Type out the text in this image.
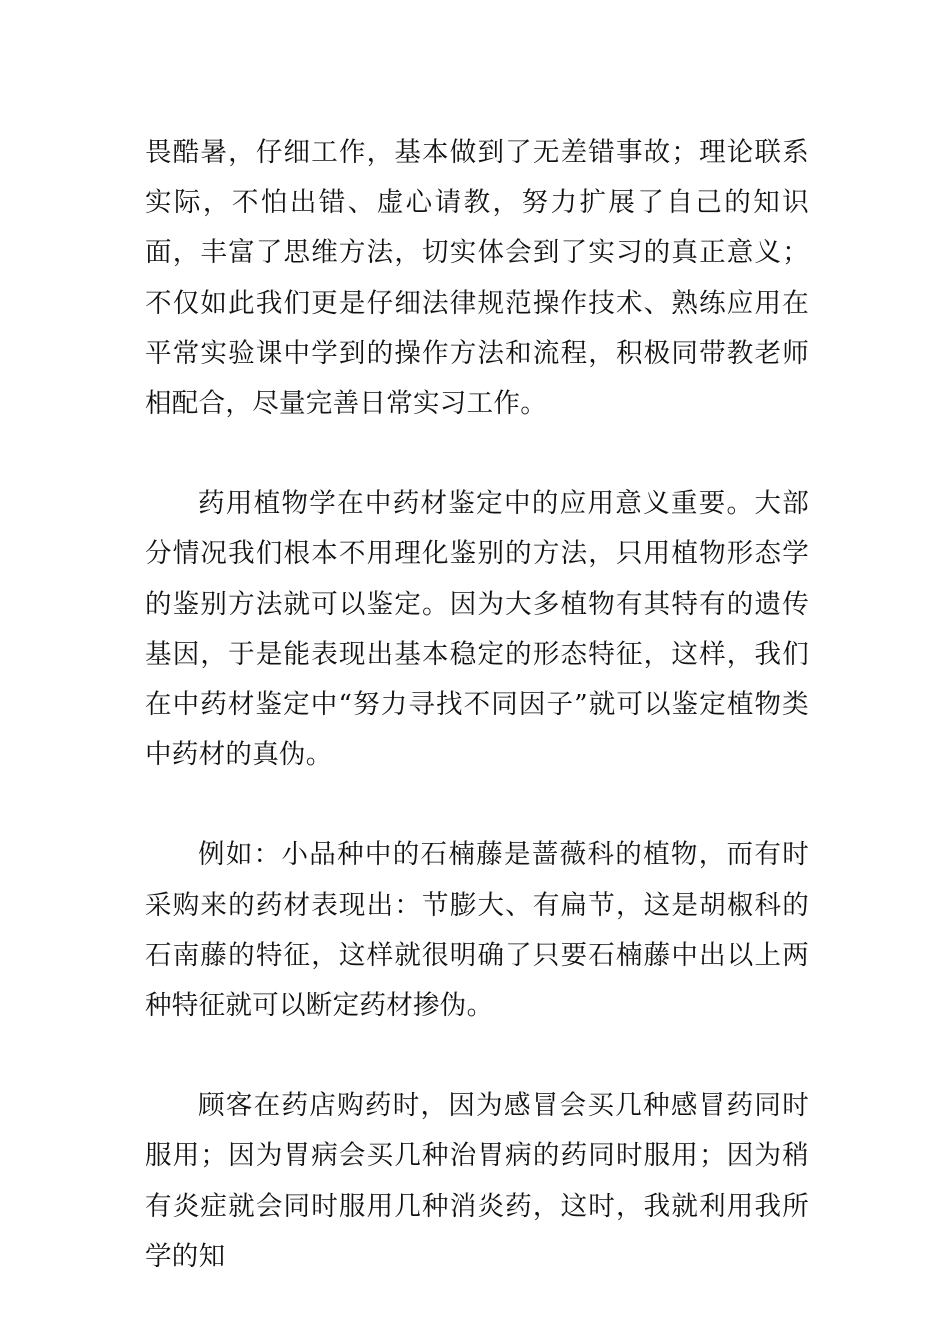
畏酷暑，仔细工作，基本做到了无差错事故；理论联系实际，不怕出错、虚心请教，努力扩展了自己的知识面，丰富了思维方法，切实体会到了实习的真正意义；不仅如此我们更是仔细法律规范操作技术、熟练应用在平常实验课中学到的操作方法和流程，积极同带教老师相配合，尽量完善日常实习工作。

药用植物学在中药材鉴定中的应用意义重要。大部分情况我们根本不用理化鉴别的方法，只用植物形态学的鉴别方法就可以鉴定。因为大多植物有其特有的遗传基因，于是能表现出基本稳定的形态特征，这样，我们在中药材鉴定中“努力寻找不同因子”就可以鉴定植物类中药材的真伪。

例如：小品种中的石楠藤是蔷薇科的植物，而有时采购来的药材表现出：节膨大、有扁节，这是胡椒科的石南藤的特征，这样就很明确了只要石楠藤中出以上两种特征就可以断定药材掺伪。

顾客在药店购药时，因为感冒会买几种感冒药同时服用；因为胃病会买几种治胃病的药同时服用；因为稍有炎症就会同时服用几种消炎药，这时，我就利用我所学的知
